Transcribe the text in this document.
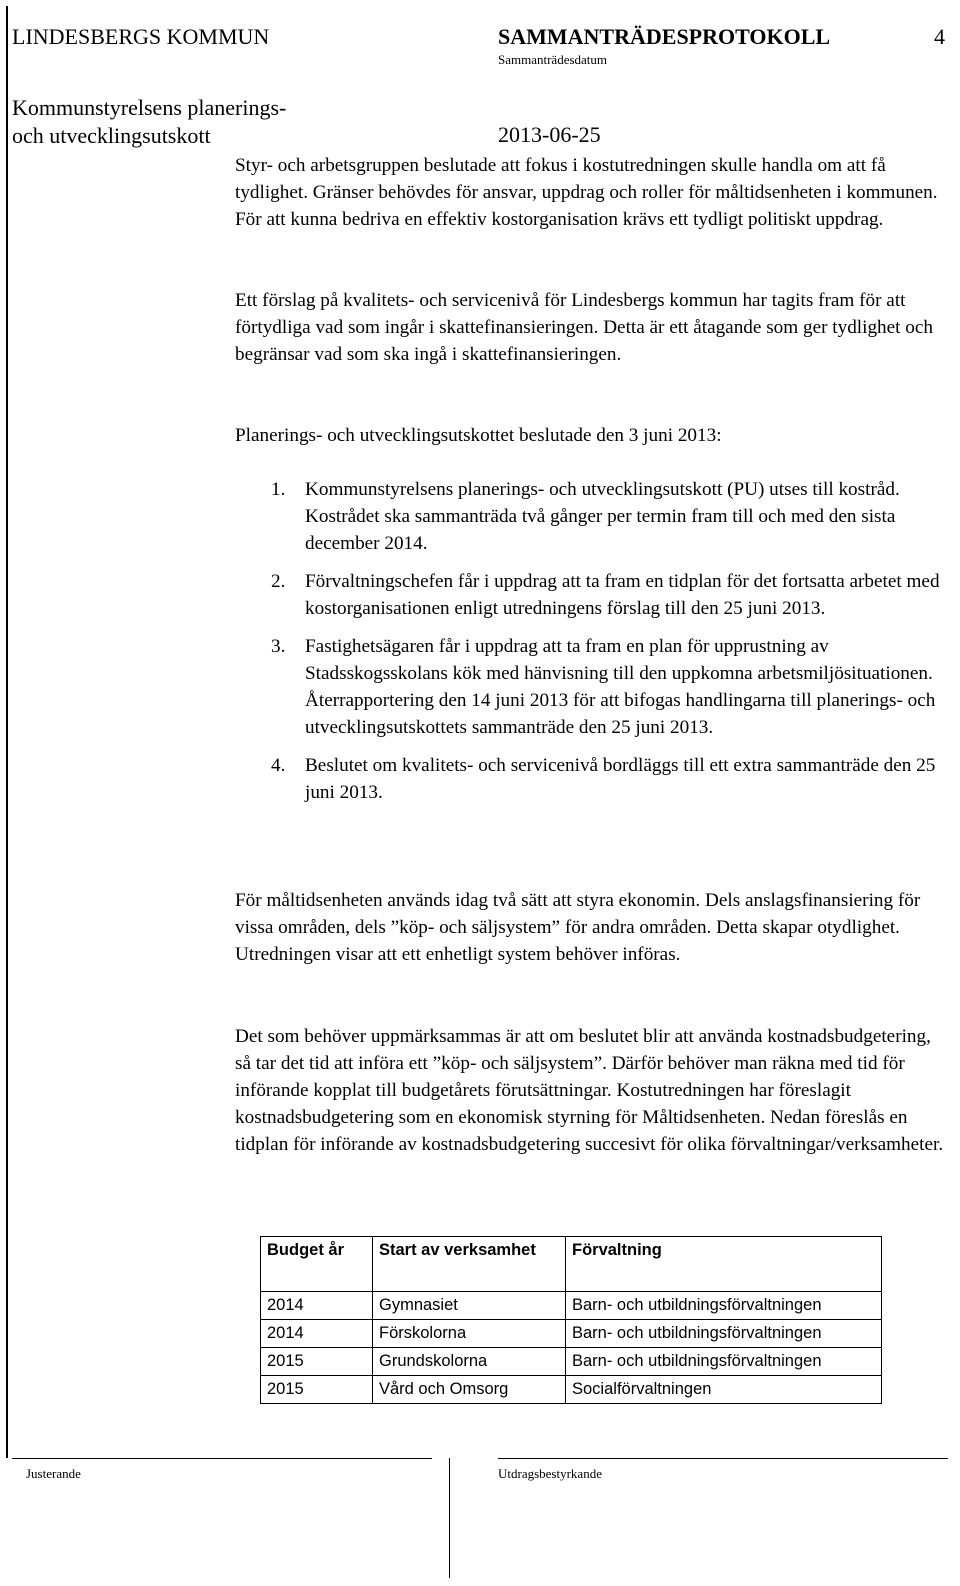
LINDESBERGS KOMMUN	SAMMANTRÄDESPROTOKOLL	4
Sammanträdesdatum
Kommunstyrelsens planerings-
och utvecklingsutskott	2013-06-25

Styr- och arbetsgruppen beslutade att fokus i kostutredningen skulle handla om att få tydlighet. Gränser behövdes för ansvar, uppdrag och roller för måltidsenheten i kommunen. För att kunna bedriva en effektiv kostorganisation krävs ett tydligt politiskt uppdrag.

Ett förslag på kvalitets- och servicenivå för Lindesbergs kommun har tagits fram för att förtydliga vad som ingår i skattefinansieringen. Detta är ett åtagande som ger tydlighet och begränsar vad som ska ingå i skattefinansieringen.

Planerings- och utvecklingsutskottet beslutade den 3 juni 2013:

1. Kommunstyrelsens planerings- och utvecklingsutskott (PU) utses till kostråd. Kostrådet ska sammanträda två gånger per termin fram till och med den sista december 2014.
2. Förvaltningschefen får i uppdrag att ta fram en tidplan för det fortsatta arbetet med kostorganisationen enligt utredningens förslag till den 25 juni 2013.
3. Fastighetsägaren får i uppdrag att ta fram en plan för upprustning av Stadsskogsskolans kök med hänvisning till den uppkomna arbetsmiljösituationen. Återrapportering den 14 juni 2013 för att bifogas handlingarna till planerings- och utvecklingsutskottets sammanträde den 25 juni 2013.
4. Beslutet om kvalitets- och servicenivå bordläggs till ett extra sammanträde den 25 juni 2013.

För måltidsenheten används idag två sätt att styra ekonomin. Dels anslagsfinansiering för vissa områden, dels ”köp- och säljsystem” för andra områden. Detta skapar otydlighet. Utredningen visar att ett enhetligt system behöver införas.

Det som behöver uppmärksammas är att om beslutet blir att använda kostnadsbudgetering, så tar det tid att införa ett ”köp- och säljsystem”. Därför behöver man räkna med tid för införande kopplat till budgetårets förutsättningar. Kostutredningen har föreslagit kostnadsbudgetering som en ekonomisk styrning för Måltidsenheten. Nedan föreslås en tidplan för införande av kostnadsbudgetering succesivt för olika förvaltningar/verksamheter.

Budget år	Start av verksamhet	Förvaltning
2014	Gymnasiet	Barn- och utbildningsförvaltningen
2014	Förskolorna	Barn- och utbildningsförvaltningen
2015	Grundskolorna	Barn- och utbildningsförvaltningen
2015	Vård och Omsorg	Socialförvaltningen
Justerande	Utdragsbestyrkande
